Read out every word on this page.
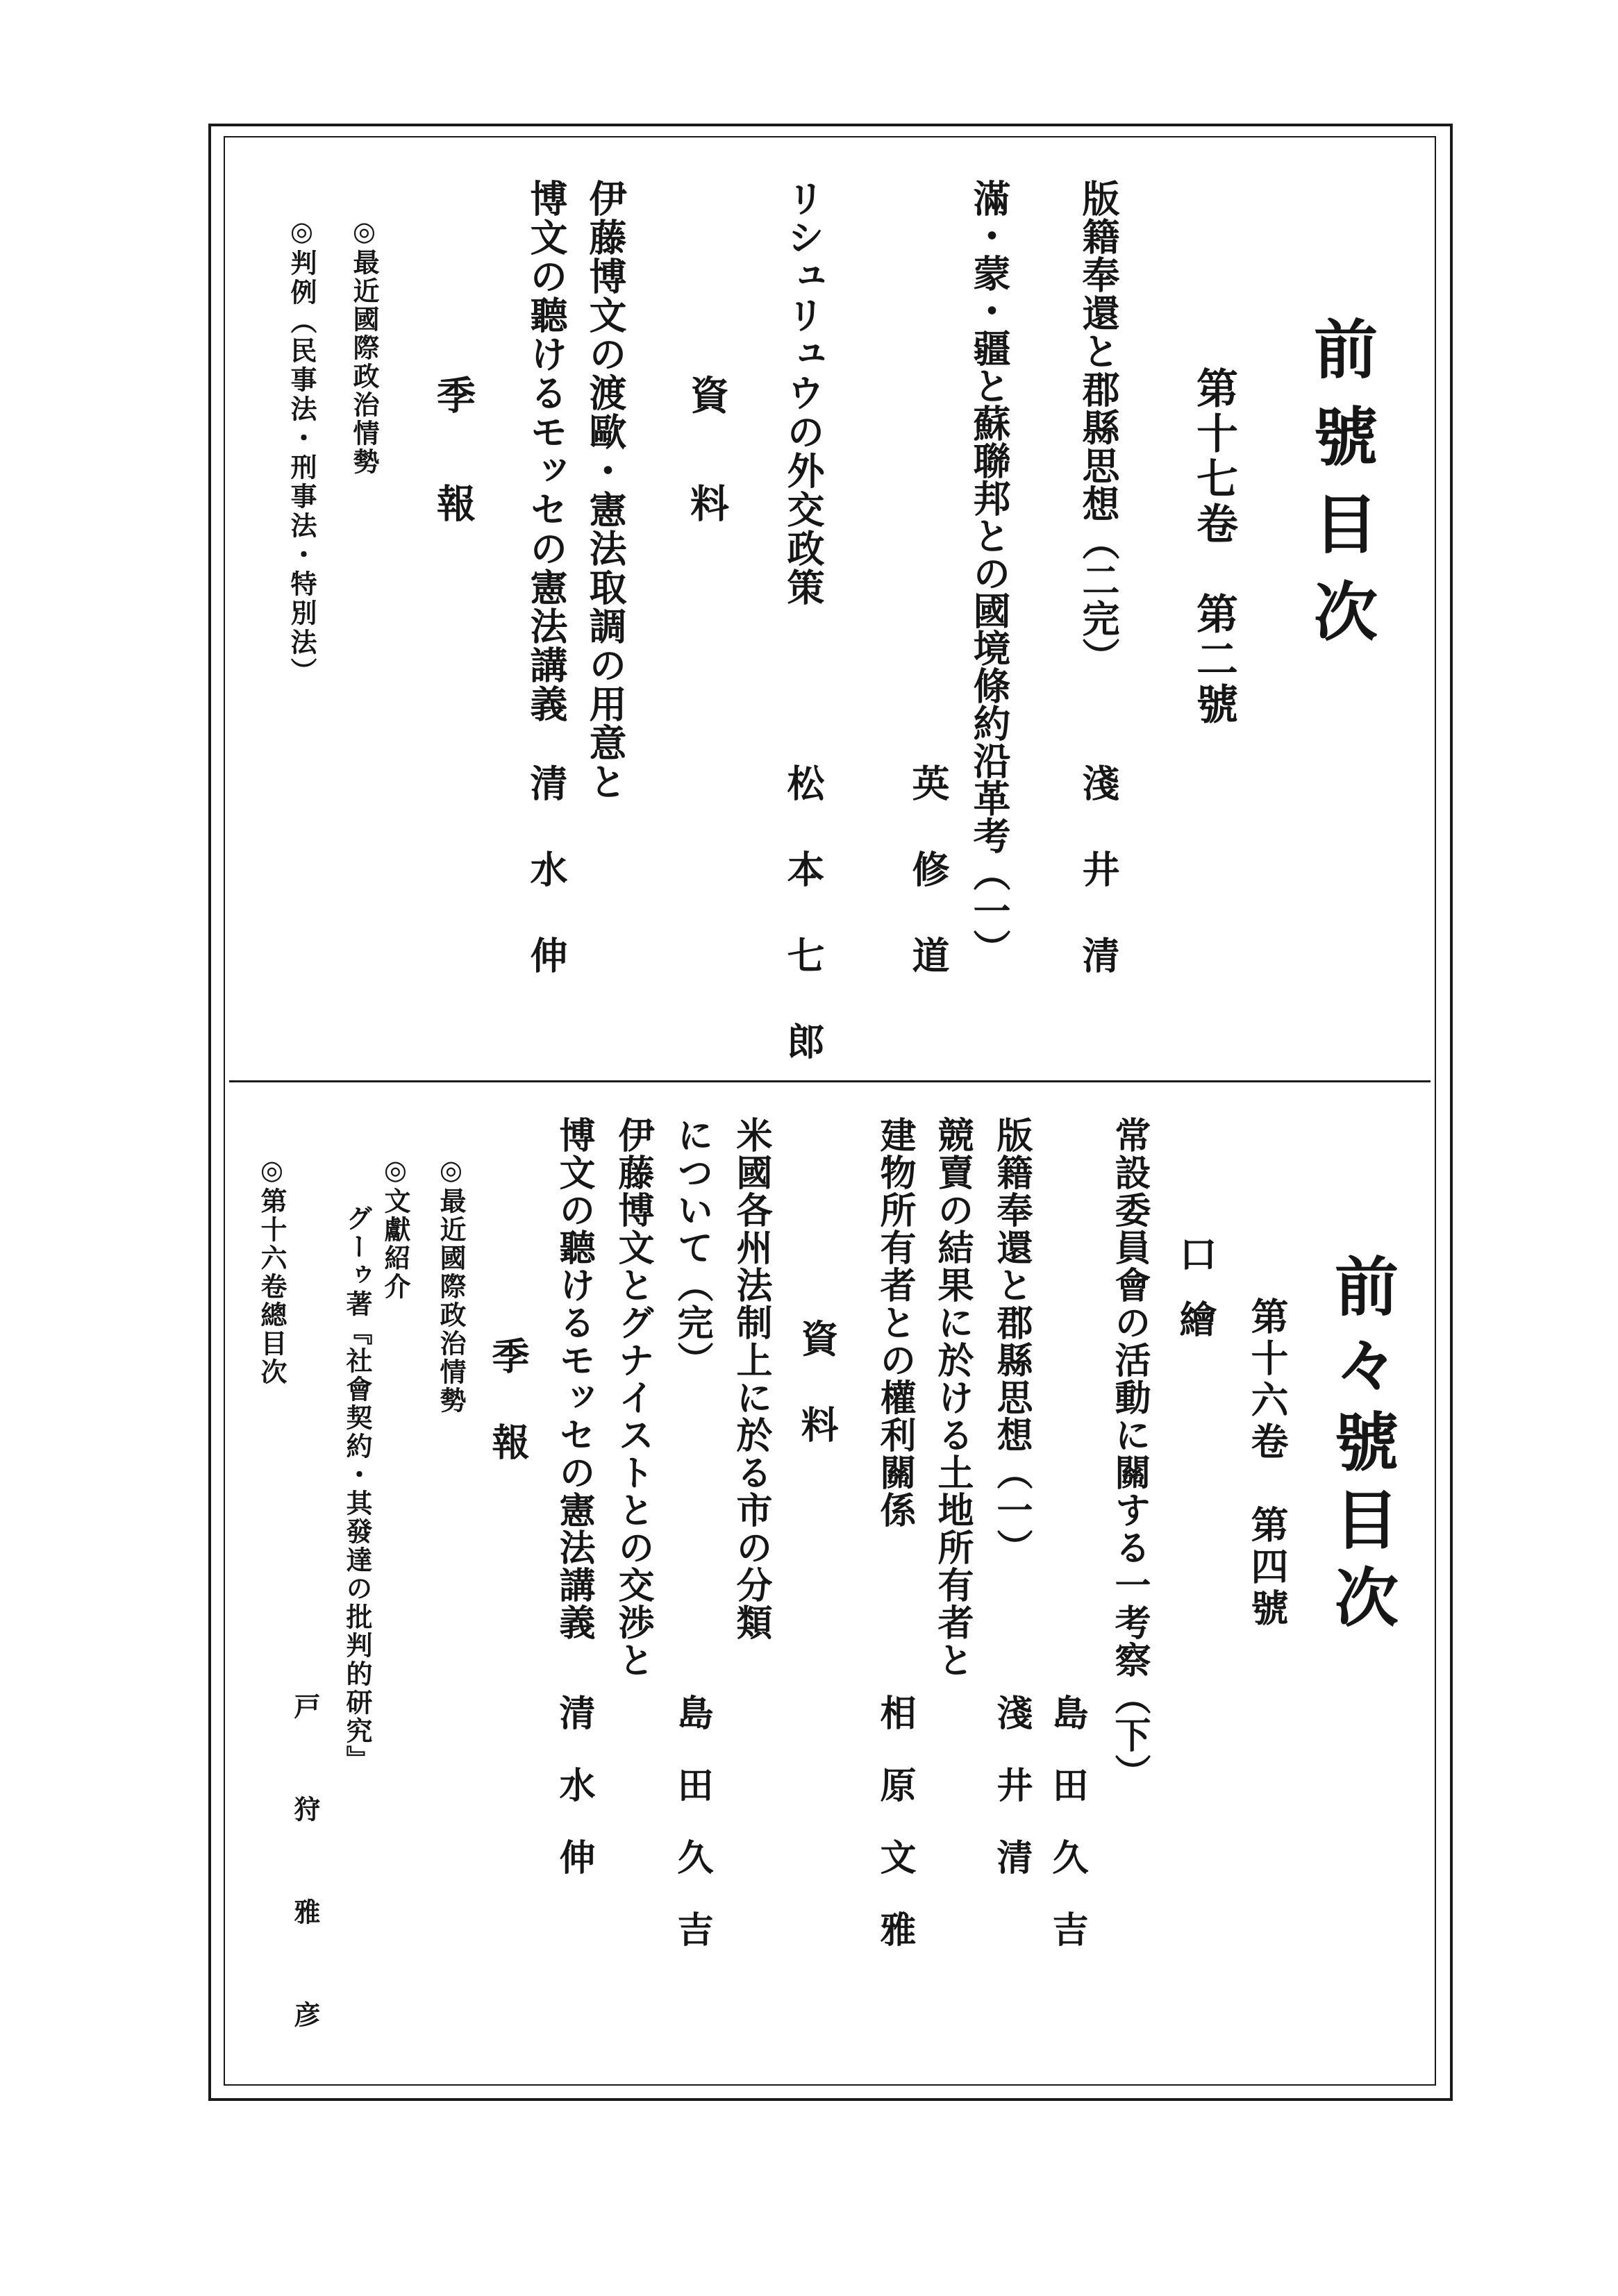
前號目次
第十七卷　第二號
版籍奉還と郡縣思想（二完）
淺井清
滿・蒙・疆と蘇聯邦との國境條約沿革考（一）
英修道
リシュリュウの外交政策
松本七郎
資料
伊藤博文の渡歐・憲法取調の用意と
博文の聽けるモッセの憲法講義
清水伸
季報
◎最近國際政治情勢
◎判例（民事法・刑事法・特別法）
前々號目次
第十六卷　第四號
口繪
常設委員會の活動に關する一考察（下）
島田久吉
版籍奉還と郡縣思想（一）
淺井清
競賣の結果に於ける土地所有者と
建物所有者との權利關係
相原文雅
資料
米國各州法制上に於る市の分類
について（完）
島田久吉
伊藤博文とグナイストとの交渉と
博文の聽けるモッセの憲法講義
清水伸
季報
◎最近國際政治情勢
◎文獻紹介
グーゥ著『社會契約・其發達の批判的研究』
戸狩雅彦
◎第十六卷總目次
